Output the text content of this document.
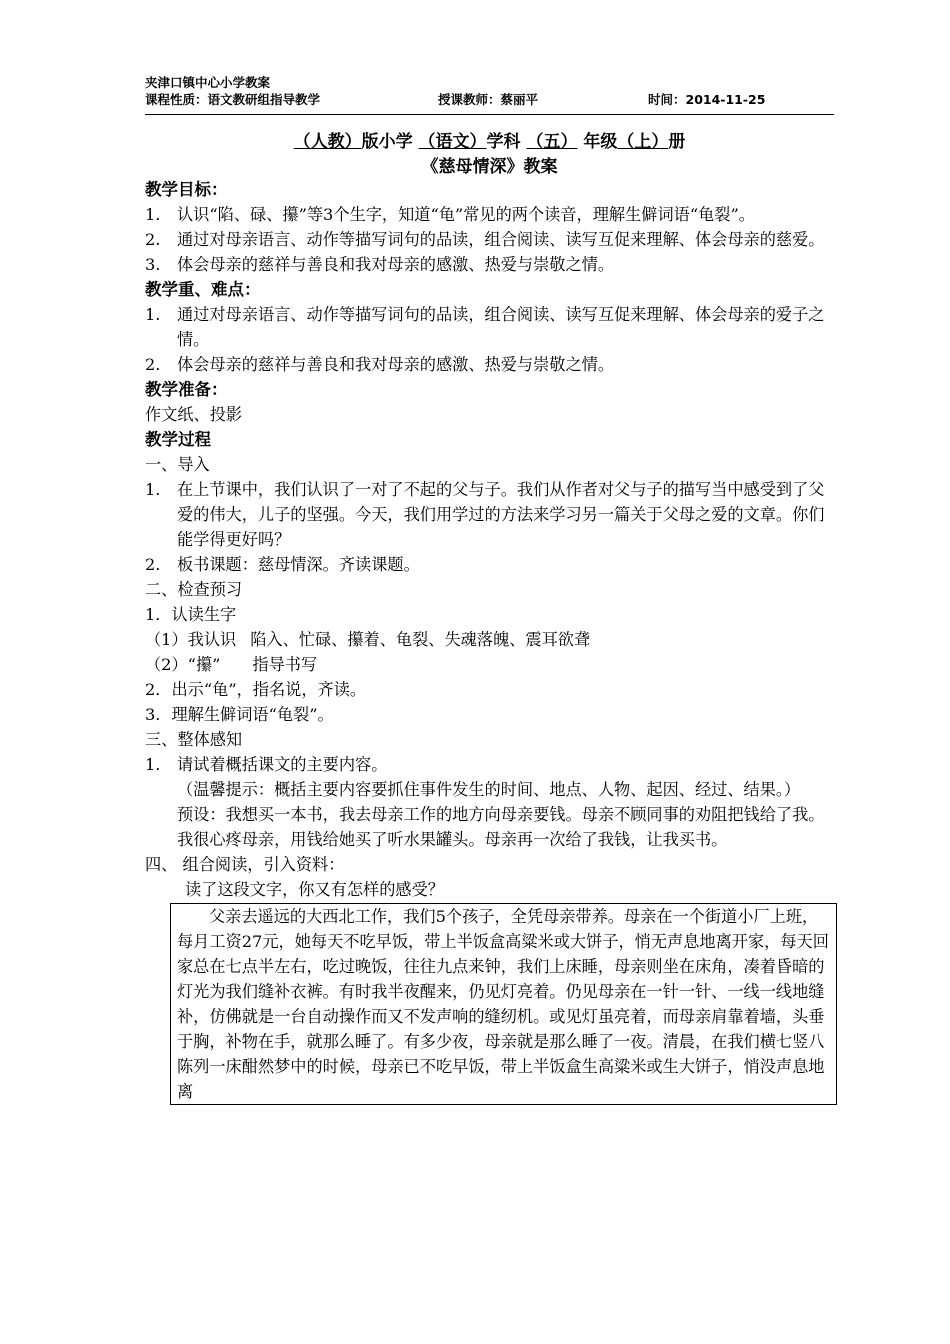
夹津口镇中心小学教案
课程性质：语文教研组指导教学	授课教师：蔡丽平	时间：2014-11-25
（人教）版小学 （语文）学科 （五） 年级（上）册
《慈母情深》教案

教学目标：

1. 认识“陷、碌、攥”等3个生字，知道“龟”常见的两个读音，理解生僻词语“龟裂”。

2. 通过对母亲语言、动作等描写词句的品读，组合阅读、读写互促来理解、体会母亲的慈爱。

3. 体会母亲的慈祥与善良和我对母亲的感激、热爱与崇敬之情。

教学重、难点：

1. 通过对母亲语言、动作等描写词句的品读，组合阅读、读写互促来理解、体会母亲的爱子之情。

2. 体会母亲的慈祥与善良和我对母亲的感激、热爱与崇敬之情。

教学准备：

作文纸、投影

教学过程

一、导入

1. 在上节课中，我们认识了一对了不起的父与子。我们从作者对父与子的描写当中感受到了父爱的伟大，儿子的坚强。今天，我们用学过的方法来学习另一篇关于父母之爱的文章。你们能学得更好吗？

2. 板书课题：慈母情深。齐读课题。

二、检查预习

1．认读生字

（1）我认识 陷入、忙碌、攥着、龟裂、失魂落魄、震耳欲聋

（2）“攥” 指导书写

2．出示“龟”，指名说，齐读。

3．理解生僻词语“龟裂”。

三、整体感知

1. 请试着概括课文的主要内容。

（温馨提示：概括主要内容要抓住事件发生的时间、地点、人物、起因、经过、结果。）

预设：我想买一本书，我去母亲工作的地方向母亲要钱。母亲不顾同事的劝阻把钱给了我。我很心疼母亲，用钱给她买了听水果罐头。母亲再一次给了我钱，让我买书。

四、 组合阅读，引入资料：

读了这段文字，你又有怎样的感受？

父亲去遥远的大西北工作，我们5个孩子，全凭母亲带养。母亲在一个街道小厂上班，每月工资27元，她每天不吃早饭，带上半饭盒高粱米或大饼子，悄无声息地离开家，每天回家总在七点半左右，吃过晚饭，往往九点来钟，我们上床睡，母亲则坐在床角，凑着昏暗的灯光为我们缝补衣裤。有时我半夜醒来，仍见灯亮着。仍见母亲在一针一针、一线一线地缝补，仿佛就是一台自动操作而又不发声响的缝纫机。或见灯虽亮着，而母亲肩靠着墙，头垂于胸，补物在手，就那么睡了。有多少夜，母亲就是那么睡了一夜。清晨，在我们横七竖八陈列一床酣然梦中的时候，母亲已不吃早饭，带上半饭盒生高粱米或生大饼子，悄没声息地离
